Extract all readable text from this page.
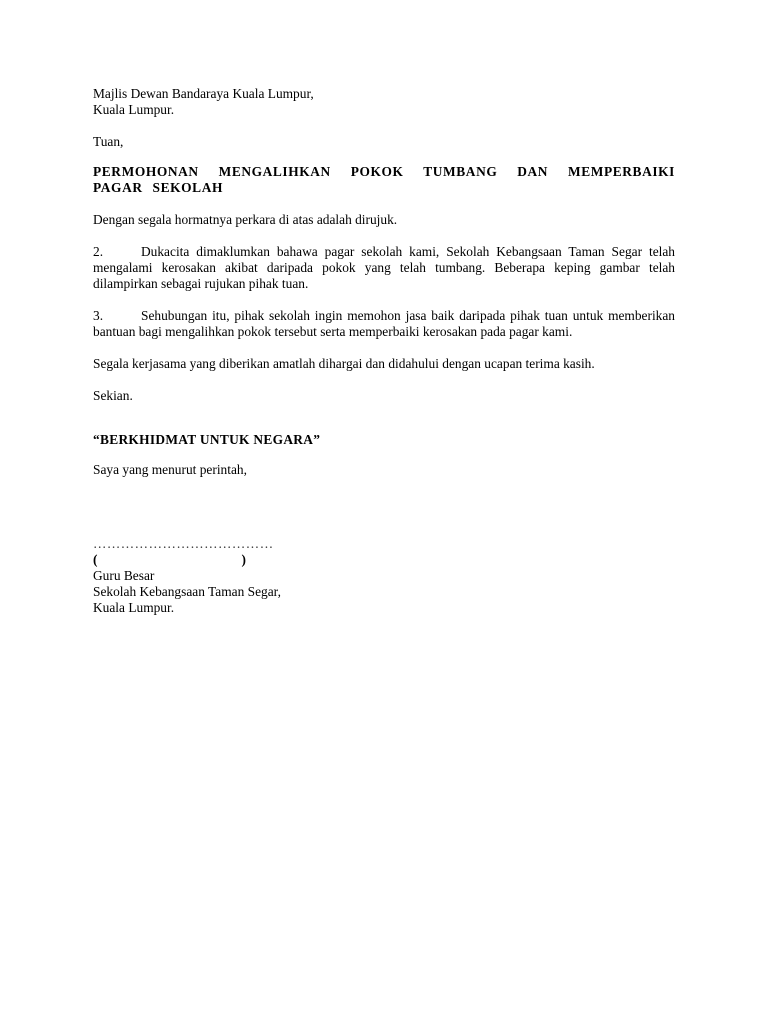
Majlis Dewan Bandaraya Kuala Lumpur,
Kuala Lumpur.
Tuan,
PERMOHONAN MENGALIHKAN POKOK TUMBANG DAN MEMPERBAIKI PAGAR SEKOLAH
Dengan segala hormatnya perkara di atas adalah dirujuk.
2.	Dukacita dimaklumkan bahawa pagar sekolah kami, Sekolah Kebangsaan Taman Segar telah mengalami kerosakan akibat daripada pokok yang telah tumbang. Beberapa keping gambar telah dilampirkan sebagai rujukan pihak tuan.
3.	Sehubungan itu, pihak sekolah ingin memohon jasa baik daripada pihak tuan untuk memberikan bantuan bagi mengalihkan pokok tersebut serta memperbaiki kerosakan pada pagar kami.
Segala kerjasama yang diberikan amatlah dihargai dan didahului dengan ucapan terima kasih.
Sekian.
“BERKHIDMAT UNTUK NEGARA”
Saya yang menurut perintah,
…………………………………
(	)
Guru Besar
Sekolah Kebangsaan Taman Segar,
Kuala Lumpur.
